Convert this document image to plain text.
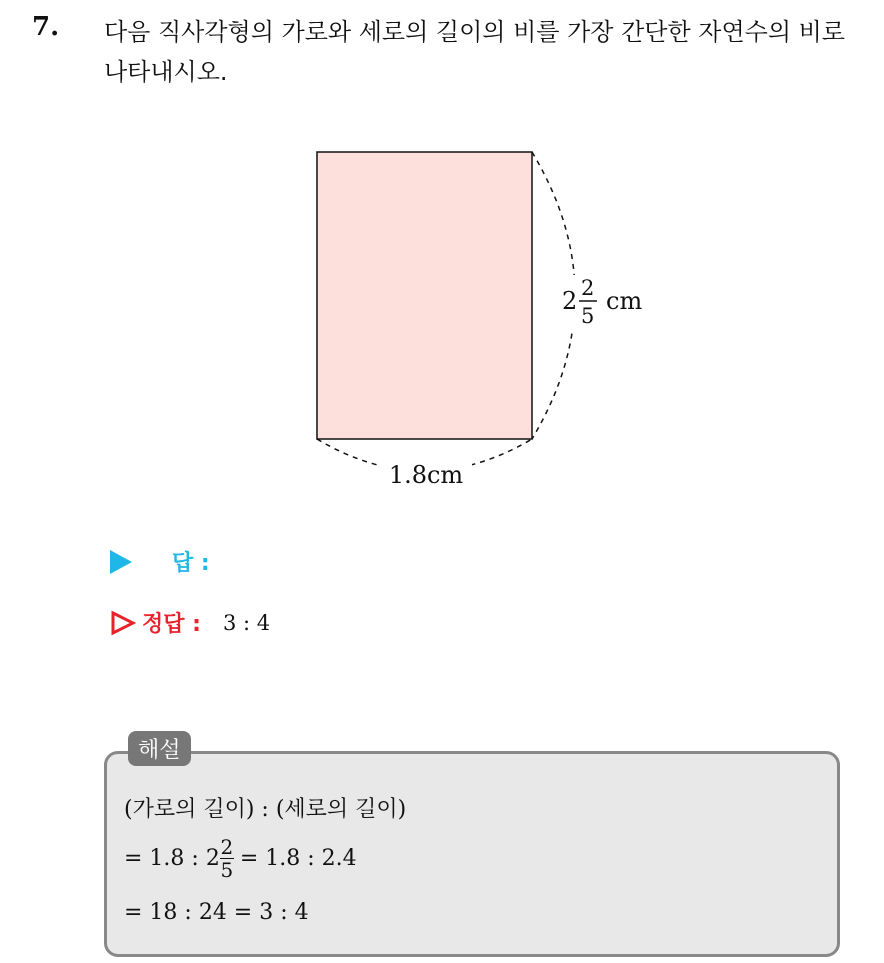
7. 다음 직사각형의 가로와 세로의 길이의 비를 가장 간단한 자연수의 비로 나타내시오.
1.8cm
2 2
5
cm
답 :
정답 : 3 : 4
해설
(가로의 길이) : (세로의 길이)
= 1.8 : $2 \frac{2}{5} = 1.8$ : 2.4
= 18 : 24 = 3 : 4
